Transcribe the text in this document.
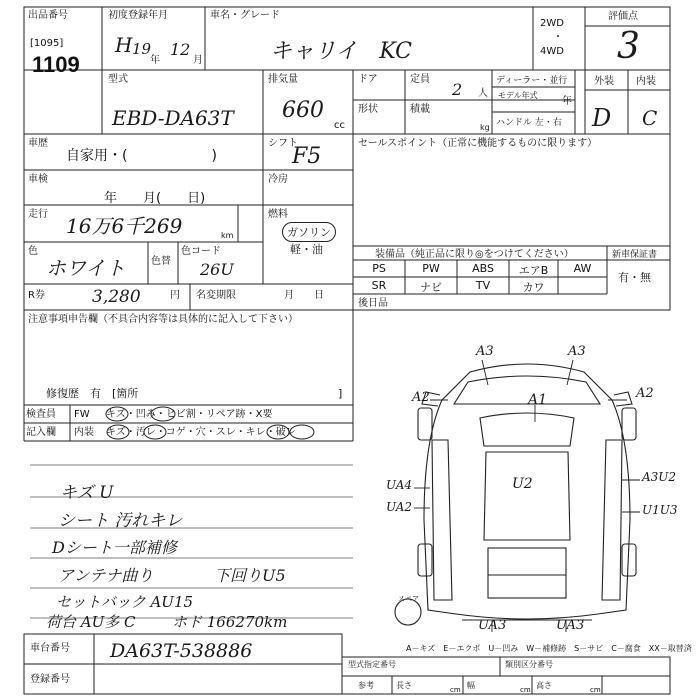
出品番号
[1095]
1109
初度登録年月
H 19
年
12
月
車名・グレード
キャリイ　KC
2WD
・
4WD
評価点
3
型式
EBD-DA63T
排気量
660
cc
ドア	定員
2 人
形状	積載
kg
ディーラー・並行
モデル年式
年
ハンドル 左・右
外装 内装
D C
車歴
自家用・(　　　　　　)
シフト
F5
車検
年　　月(　　日)
冷房
走行 16万6千269	km
燃料
ガソリン
軽・油
色
ホワイト	色替
色コード
26U
R券	3,280	円 名変期限	月　　日
セールスポイント（正常に機能するものに限ります）
装備品（純正品に限り◎をつけてください）	新車保証書
有・無
PS	PW	ABS	エアB	AW
SR	ナビ	TV	カワ
後日品
注意事項申告欄（不具合内容等は具体的に記入して下さい）
修復歴　有　[箇所	]
検査員
記入欄
FW キズ・凹み・ヒビ割・リペア跡・X要
内装 キズ・汚レ・コゲ・穴・スレ・キレ・破レ
キズ U
シート 汚れキレ
Dシート一部補修
アンテナ曲り	下回りU5
セットバック AU15
荷台 AU多 C ホド 166270km
A3	A3
A2	A2
A1
UA4
UA2
U2	A3U2
U1U3
UA3	UA3
スペア
A－キズ　E－エクボ　U－凹み　W－補修跡　S－サビ　C－腐食　XX－取替済
車台番号 DA63T-538886
登録番号
型式指定番号	類別区分番号
参考	長さ	cm 幅	cm 高さ	cm
